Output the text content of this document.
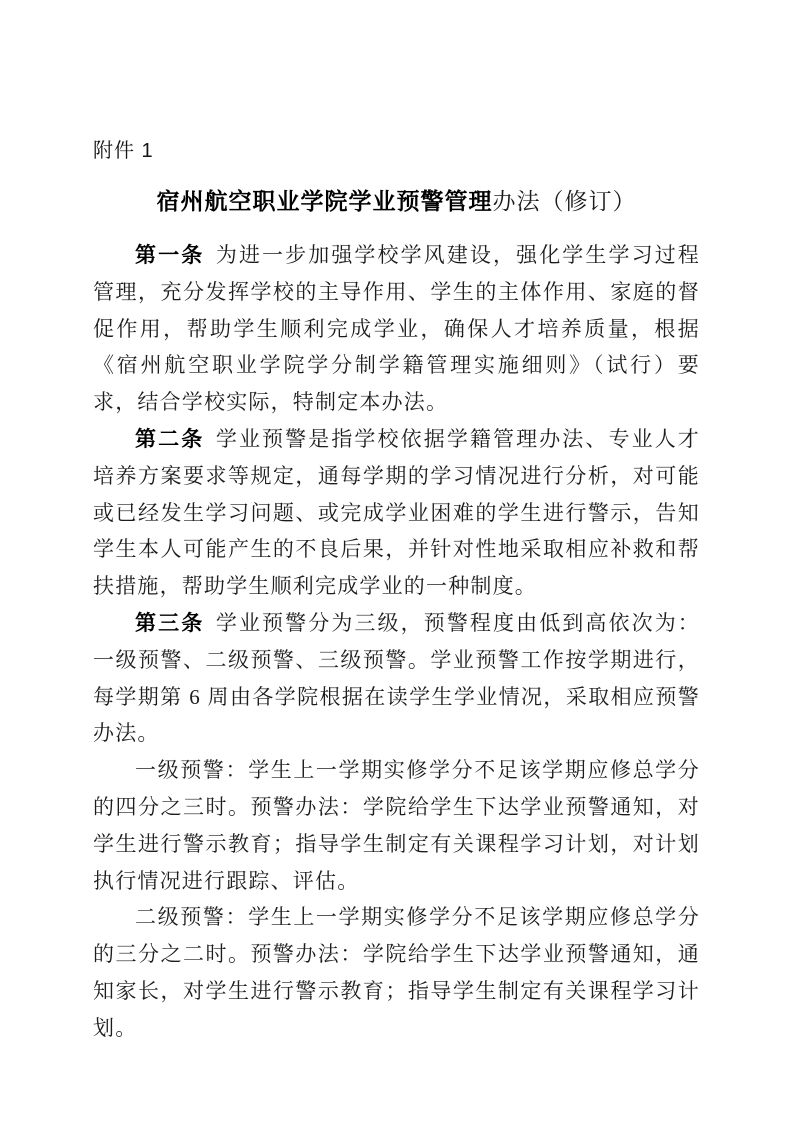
附件 1
宿州航空职业学院学业预警管理办法（修订）

第一条 为进一步加强学校学风建设，强化学生学习过程管理，充分发挥学校的主导作用、学生的主体作用、家庭的督促作用，帮助学生顺利完成学业，确保人才培养质量，根据《宿州航空职业学院学分制学籍管理实施细则》（试行）要求，结合学校实际，特制定本办法。

第二条 学业预警是指学校依据学籍管理办法、专业人才培养方案要求等规定，通每学期的学习情况进行分析，对可能或已经发生学习问题、或完成学业困难的学生进行警示，告知学生本人可能产生的不良后果，并针对性地采取相应补救和帮扶措施，帮助学生顺利完成学业的一种制度。

第三条 学业预警分为三级，预警程度由低到高依次为：一级预警、二级预警、三级预警。学业预警工作按学期进行，每学期第 6 周由各学院根据在读学生学业情况，采取相应预警办法。

一级预警：学生上一学期实修学分不足该学期应修总学分的四分之三时。预警办法：学院给学生下达学业预警通知，对学生进行警示教育；指导学生制定有关课程学习计划，对计划执行情况进行跟踪、评估。

二级预警：学生上一学期实修学分不足该学期应修总学分的三分之二时。预警办法：学院给学生下达学业预警通知，通知家长，对学生进行警示教育；指导学生制定有关课程学习计划。
